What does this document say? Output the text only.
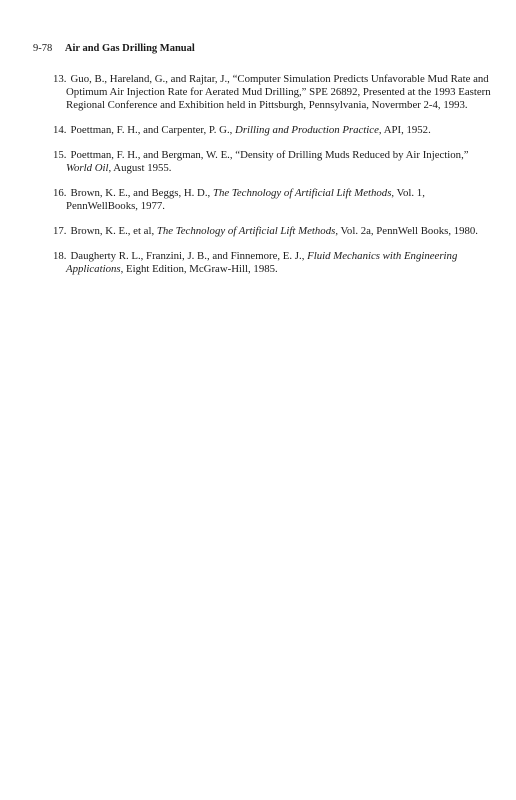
9-78 Air and Gas Drilling Manual
13. Guo, B., Hareland, G., and Rajtar, J., “Computer Simulation Predicts Unfavorable Mud Rate and Optimum Air Injection Rate for Aerated Mud Drilling,” SPE 26892, Presented at the 1993 Eastern Regional Conference and Exhibition held in Pittsburgh, Pennsylvania, Novermber 2-4, 1993.
14. Poettman, F. H., and Carpenter, P. G., Drilling and Production Practice, API, 1952.
15. Poettman, F. H., and Bergman, W. E., “Density of Drilling Muds Reduced by Air Injection,” World Oil, August 1955.
16. Brown, K. E., and Beggs, H. D., The Technology of Artificial Lift Methods, Vol. 1, PennWellBooks, 1977.
17. Brown, K. E., et al, The Technology of Artificial Lift Methods, Vol. 2a, PennWell Books, 1980.
18. Daugherty R. L., Franzini, J. B., and Finnemore, E. J., Fluid Mechanics with Engineering Applications, Eight Edition, McGraw-Hill, 1985.
